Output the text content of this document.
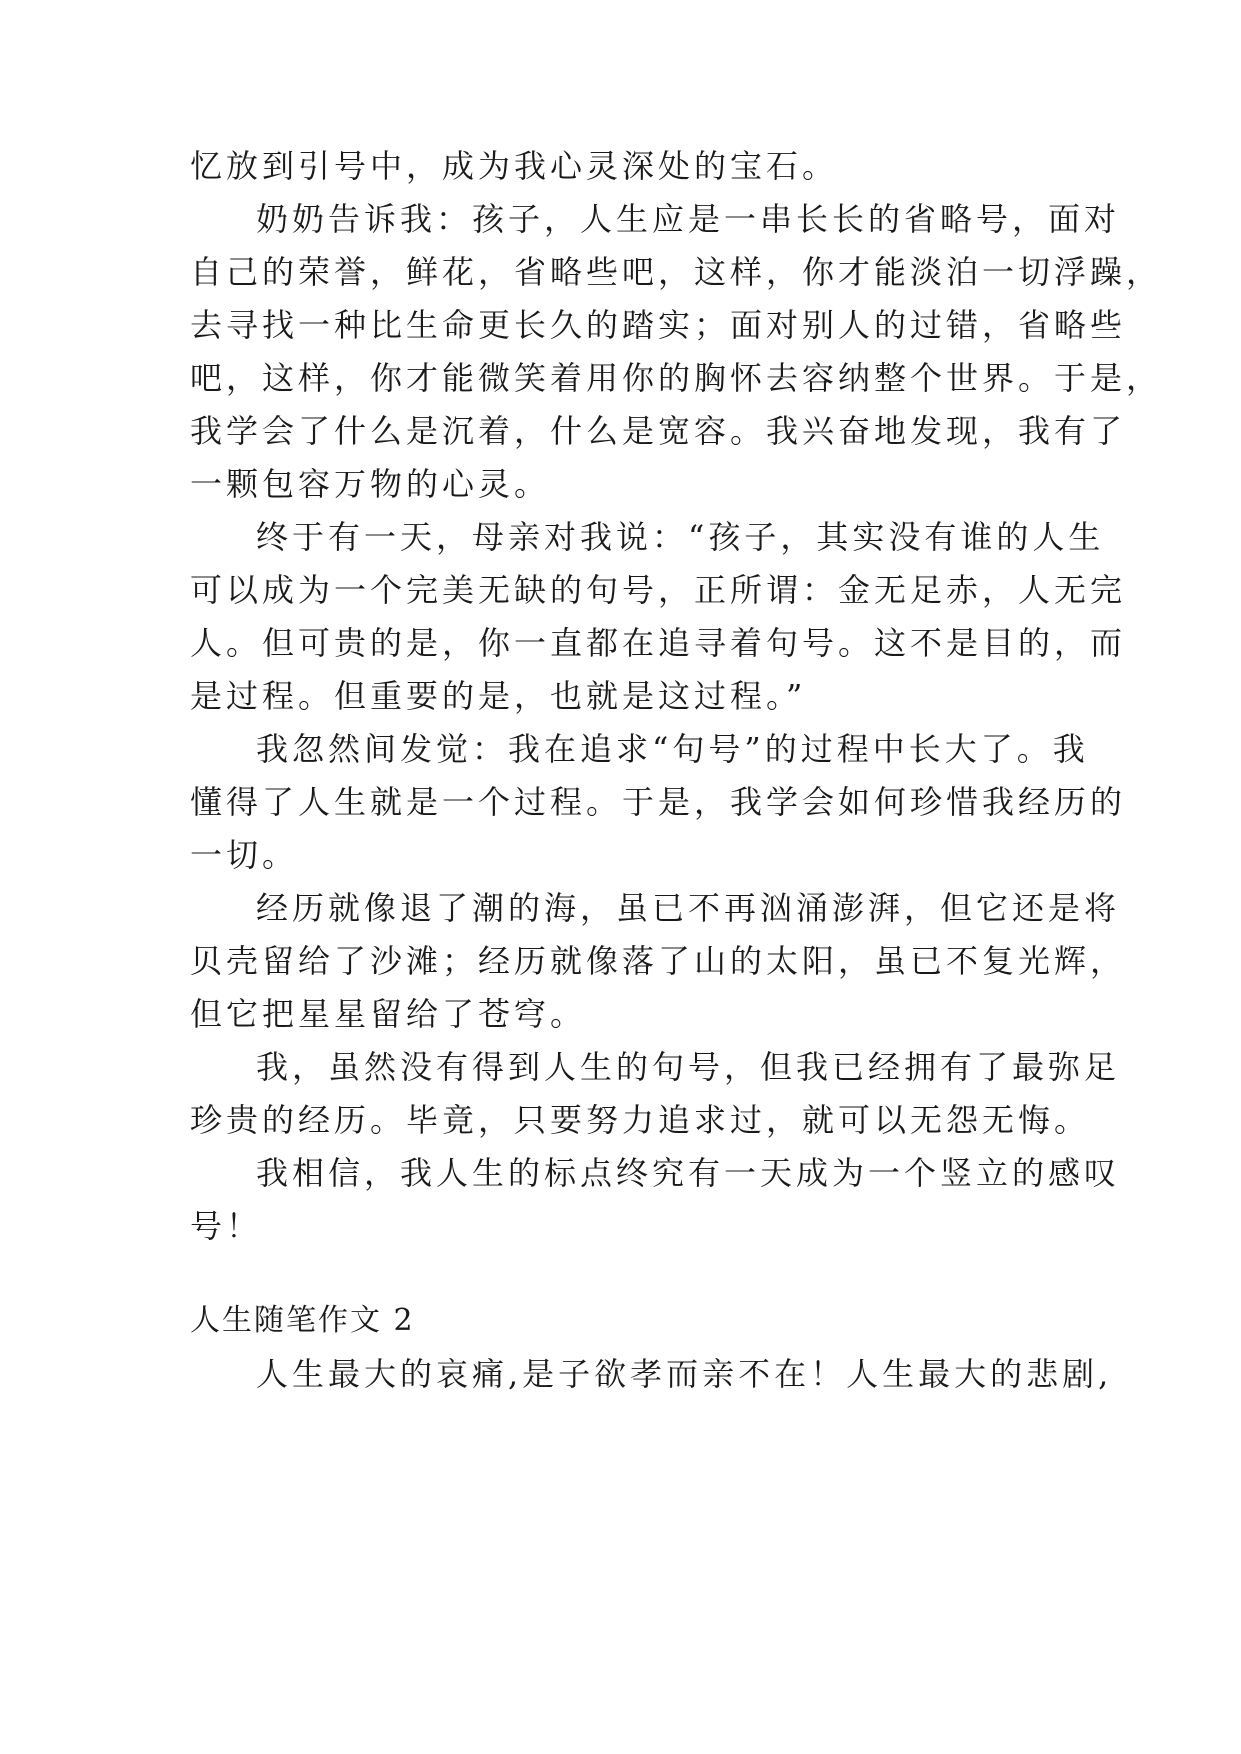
忆放到引号中，成为我心灵深处的宝石。
奶奶告诉我：孩子，人生应是一串长长的省略号，面对
自己的荣誉，鲜花，省略些吧，这样，你才能淡泊一切浮躁，
去寻找一种比生命更长久的踏实；面对别人的过错，省略些
吧，这样，你才能微笑着用你的胸怀去容纳整个世界。于是，
我学会了什么是沉着，什么是宽容。我兴奋地发现，我有了
一颗包容万物的心灵。
终于有一天，母亲对我说：“孩子，其实没有谁的人生
可以成为一个完美无缺的句号，正所谓：金无足赤，人无完
人。但可贵的是，你一直都在追寻着句号。这不是目的，而
是过程。但重要的是，也就是这过程。”
我忽然间发觉：我在追求“句号”的过程中长大了。我
懂得了人生就是一个过程。于是，我学会如何珍惜我经历的
一切。
经历就像退了潮的海，虽已不再汹涌澎湃，但它还是将
贝壳留给了沙滩；经历就像落了山的太阳，虽已不复光辉，
但它把星星留给了苍穹。
我，虽然没有得到人生的句号，但我已经拥有了最弥足
珍贵的经历。毕竟，只要努力追求过，就可以无怨无悔。
我相信，我人生的标点终究有一天成为一个竖立的感叹
号！
人生随笔作文 2
人生最大的哀痛,是子欲孝而亲不在！人生最大的悲剧,
